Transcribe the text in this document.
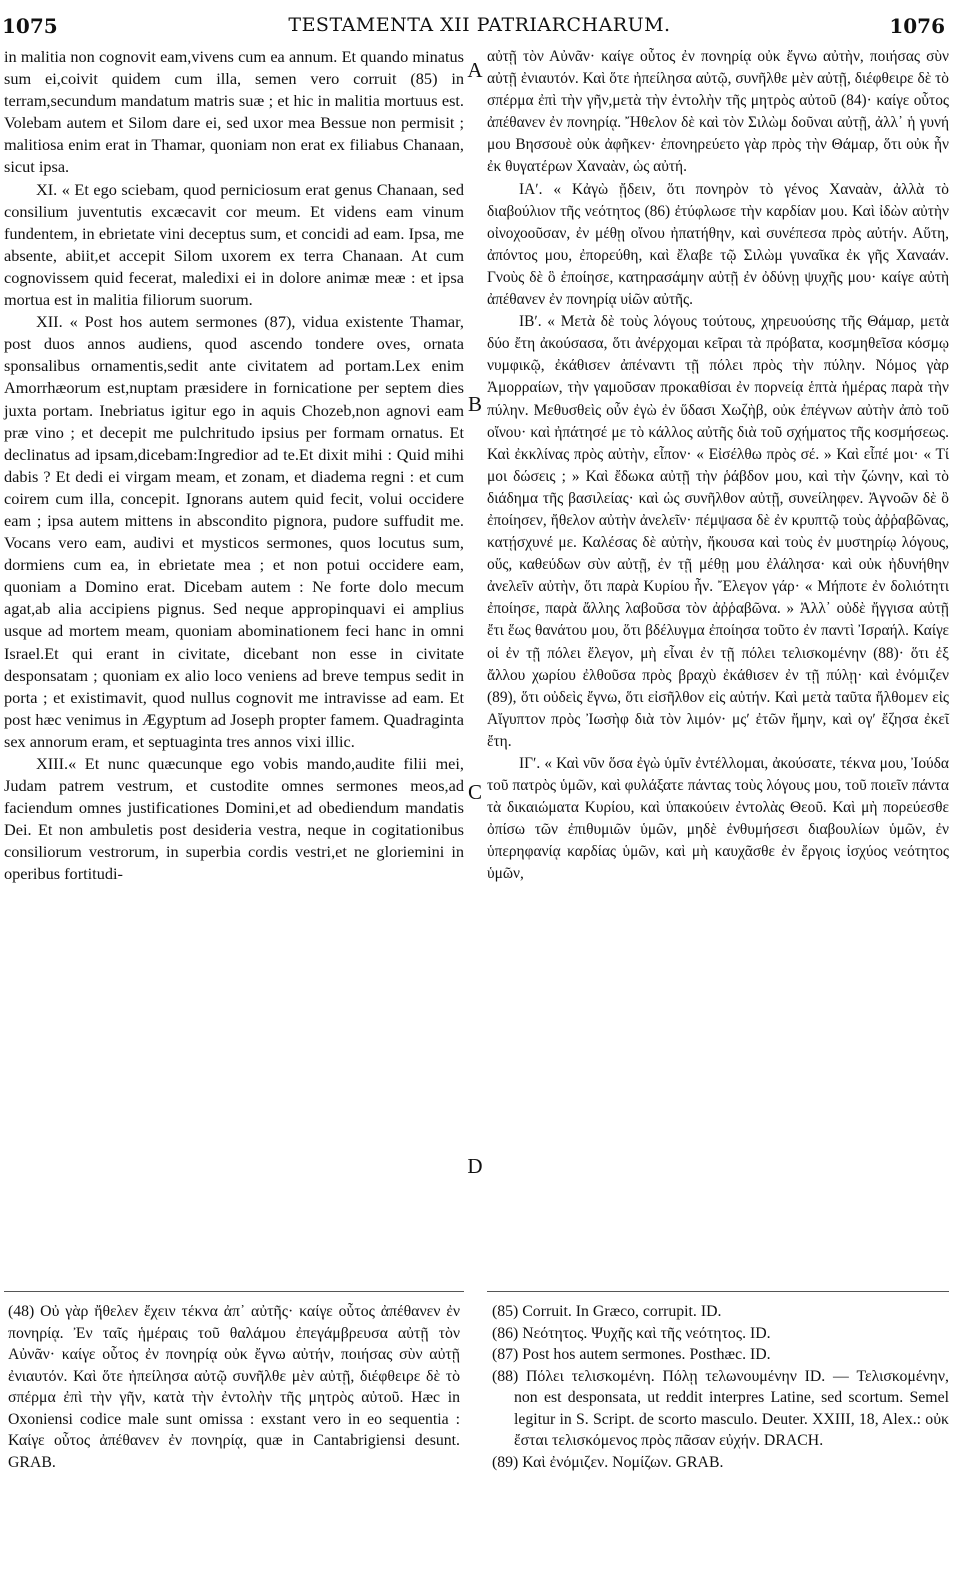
1075	TESTAMENTA XII PATRIARCHARUM.	1076

in malitia non cognovit eam,vivens cum ea annum. Et quando minatus sum ei,coivit quidem cum illa, semen vero corruit (85) in terram,secundum mandatum matris suæ ; et hic in malitia mortuus est. Volebam autem et Silom dare ei, sed uxor mea Bessue non permisit ; malitiosa enim erat in Thamar, quoniam non erat ex filiabus Chanaan, sicut ipsa.

XI. « Et ego sciebam, quod perniciosum erat genus Chanaan, sed consilium juventutis excæcavit cor meum. Et videns eam vinum fundentem, in ebrietate vini deceptus sum, et concidi ad eam. Ipsa, me absente, abiit,et accepit Silom uxorem ex terra Chanaan. At cum cognovissem quid fecerat, maledixi ei in dolore animæ meæ : et ipsa mortua est in malitia filiorum suorum.

XII. « Post hos autem sermones (87), vidua existente Thamar, post duos annos audiens, quod ascendo tondere oves, ornata sponsalibus ornamentis,sedit ante civitatem ad portam.Lex enim Amorrhæorum est,nuptam præsidere in fornicatione per septem dies juxta portam. Inebriatus igitur ego in aquis Chozeb,non agnovi eam præ vino ; et decepit me pulchritudo ipsius per formam ornatus. Et declinatus ad ipsam,dicebam:Ingredior ad te.Et dixit mihi : Quid mihi dabis ? Et dedi ei virgam meam, et zonam, et diadema regni : et cum coirem cum illa, concepit. Ignorans autem quid fecit, volui occidere eam ; ipsa autem mittens in abscondito pignora, pudore suffudit me. Vocans vero eam, audivi et mysticos sermones, quos locutus sum, dormiens cum ea, in ebrietate mea ; et non potui occidere eam, quoniam a Domino erat. Dicebam autem : Ne forte dolo mecum agat,ab alia accipiens pignus. Sed neque appropinquavi ei amplius usque ad mortem meam, quoniam abominationem feci hanc in omni Israel.Et qui erant in civitate, dicebant non esse in civitate desponsatam ; quoniam ex alio loco veniens ad breve tempus sedit in porta ; et existimavit, quod nullus cognovit me intravisse ad eam. Et post hæc venimus in Ægyptum ad Joseph propter famem. Quadraginta sex annorum eram, et septuaginta tres annos vixi illic.

XIII.« Et nunc quæcunque ego vobis mando,audite filii mei, Judam patrem vestrum, et custodite omnes sermones meos,ad faciendum omnes justificationes Domini,et ad obediendum mandatis Dei. Et non ambuletis post desideria vestra, neque in cogitationibus consiliorum vestrorum, in superbia cordis vestri,et ne gloriemini in operibus fortitudi-

A
B
C
D

αὐτῇ τὸν Αὐνᾶν· καίγε οὗτος ἐν πονηρίᾳ οὐκ ἔγνω αὐτὴν, ποιήσας σὺν αὐτῇ ἐνιαυτόν. Καὶ ὅτε ἠπείλησα αὐτῷ, συνῆλθε μὲν αὐτῇ, διέφθειρε δὲ τὸ σπέρμα ἐπὶ τὴν γῆν,μετὰ τὴν ἐντολὴν τῆς μητρὸς αὐτοῦ (84)· καίγε οὗτος ἀπέθανεν ἐν πονηρίᾳ. Ἤθελον δὲ καὶ τὸν Σιλὼμ δοῦναι αὐτῇ, ἀλλ᾽ ἡ γυνή μου Βησσουὲ οὐκ ἀφῆκεν· ἐπονηρεύετο γὰρ πρὸς τὴν Θάμαρ, ὅτι οὐκ ἦν ἐκ θυγατέρων Χαναὰν, ὡς αὐτή.

ΙΑʹ. « Κἀγὼ ᾔδειν, ὅτι πονηρὸν τὸ γένος Χαναὰν, ἀλλὰ τὸ διαβούλιον τῆς νεότητος (86) ἐτύφλωσε τὴν καρδίαν μου. Καὶ ἰδὼν αὐτὴν οἰνοχοοῦσαν, ἐν μέθῃ οἴνου ἠπατήθην, καὶ συνέπεσα πρὸς αὐτήν. Αὕτη, ἀπόντος μου, ἐπορεύθη, καὶ ἔλαβε τῷ Σιλὼμ γυναῖκα ἐκ γῆς Χαναάν. Γνοὺς δὲ ὃ ἐποίησε, κατηρασάμην αὐτῇ ἐν ὀδύνῃ ψυχῆς μου· καίγε αὐτὴ ἀπέθανεν ἐν πονηρίᾳ υἱῶν αὐτῆς.

ΙΒʹ. « Μετὰ δὲ τοὺς λόγους τούτους, χηρευούσης τῆς Θάμαρ, μετὰ δύο ἔτη ἀκούσασα, ὅτι ἀνέρχομαι κεῖραι τὰ πρόβατα, κοσμηθεῖσα κόσμῳ νυμφικῷ, ἐκάθισεν ἀπέναντι τῇ πόλει πρὸς τὴν πύλην. Νόμος γὰρ Ἀμορραίων, τὴν γαμοῦσαν προκαθίσαι ἐν πορνείᾳ ἑπτὰ ἡμέρας παρὰ τὴν πύλην. Μεθυσθεὶς οὖν ἐγὼ ἐν ὕδασι Χωζὴβ, οὐκ ἐπέγνων αὐτὴν ἀπὸ τοῦ οἴνου· καὶ ἠπάτησέ με τὸ κάλλος αὐτῆς διὰ τοῦ σχήματος τῆς κοσμήσεως. Καὶ ἐκκλίνας πρὸς αὐτὴν, εἶπον· « Εἰσέλθω πρὸς σέ. » Καὶ εἶπέ μοι· « Τί μοι δώσεις ; » Καὶ ἔδωκα αὐτῇ τὴν ῥάβδον μου, καὶ τὴν ζώνην, καὶ τὸ διάδημα τῆς βασιλείας· καὶ ὡς συνῆλθον αὐτῇ, συνείληφεν. Ἀγνοῶν δὲ ὃ ἐποίησεν, ἤθελον αὐτὴν ἀνελεῖν· πέμψασα δὲ ἐν κρυπτῷ τοὺς ἀῤῥαβῶνας, κατῄσχυνέ με. Καλέσας δὲ αὐτὴν, ἤκουσα καὶ τοὺς ἐν μυστηρίῳ λόγους, οὕς, καθεύδων σὺν αὐτῇ, ἐν τῇ μέθῃ μου ἐλάλησα· καὶ οὐκ ἠδυνήθην ἀνελεῖν αὐτὴν, ὅτι παρὰ Κυρίου ἦν. Ἔλεγον γάρ· « Μήποτε ἐν δολιότητι ἐποίησε, παρὰ ἄλλης λαβοῦσα τὸν ἀῤῥαβῶνα. » Ἀλλ᾽ οὐδὲ ἤγγισα αὐτῇ ἔτι ἕως θανάτου μου, ὅτι βδέλυγμα ἐποίησα τοῦτο ἐν παντὶ Ἰσραήλ. Καίγε οἱ ἐν τῇ πόλει ἔλεγον, μὴ εἶναι ἐν τῇ πόλει τελισκομένην (88)· ὅτι ἐξ ἄλλου χωρίου ἐλθοῦσα πρὸς βραχὺ ἐκάθισεν ἐν τῇ πύλῃ· καὶ ἐνόμιζεν (89), ὅτι οὐδεὶς ἔγνω, ὅτι εἰσῆλθον εἰς αὐτήν. Καὶ μετὰ ταῦτα ἤλθομεν εἰς Αἴγυπτον πρὸς Ἰωσὴφ διὰ τὸν λιμόν· μςʹ ἐτῶν ἤμην, καὶ ογʹ ἔζησα ἐκεῖ ἔτη.

ΙΓʹ. « Καὶ νῦν ὅσα ἐγὼ ὑμῖν ἐντέλλομαι, ἀκούσατε, τέκνα μου, Ἰούδα τοῦ πατρὸς ὑμῶν, καὶ φυλάξατε πάντας τοὺς λόγους μου, τοῦ ποιεῖν πάντα τὰ δικαιώματα Κυρίου, καὶ ὑπακούειν ἐντολὰς Θεοῦ. Καὶ μὴ πορεύεσθε ὀπίσω τῶν ἐπιθυμιῶν ὑμῶν, μηδὲ ἐνθυμήσεσι διαβουλίων ὑμῶν, ἐν ὑπερηφανίᾳ καρδίας ὑμῶν, καὶ μὴ καυχᾶσθε ἐν ἔργοις ἰσχύος νεότητος ὑμῶν,

(48) Οὐ γὰρ ἤθελεν ἔχειν τέκνα ἀπ᾽ αὐτῆς· καίγε οὗτος ἀπέθανεν ἐν πονηρίᾳ. Ἐν ταῖς ἡμέραις τοῦ θαλάμου ἐπεγάμβρευσα αὐτῇ τὸν Αὐνᾶν· καίγε οὗτος ἐν πονηρίᾳ οὐκ ἔγνω αὐτήν, ποιήσας σὺν αὐτῇ ἐνιαυτόν. Καὶ ὅτε ἠπείλησα αὐτῷ συνῆλθε μὲν αὐτῇ, διέφθειρε δὲ τὸ σπέρμα ἐπὶ τὴν γῆν, κατὰ τὴν ἐντολὴν τῆς μητρὸς αὐτοῦ. Hæc in Oxoniensi codice male sunt omissa : exstant vero in eo sequentia : Καίγε οὗτος ἀπέθανεν ἐν πονηρίᾳ, quæ in Cantabrigiensi desunt. GRAB.

(85) Corruit. In Græco, corrupit. ID.

(86) Νεότητος. Ψυχῆς καὶ τῆς νεότητος. ID.

(87) Post hos autem sermones. Posthæc. ID.

(88) Πόλει τελισκομένη. Πόλῃ τελωνουμένην ID. — Τελισκομένην, non est desponsata, ut reddit interpres Latine, sed scortum. Semel legitur in S. Script. de scorto masculo. Deuter. XXIII, 18, Alex.: οὐκ ἔσται τελισκόμενος πρὸς πᾶσαν εὐχήν. DRACH.

(89) Καὶ ἐνόμιζεν. Νομίζων. GRAB.
